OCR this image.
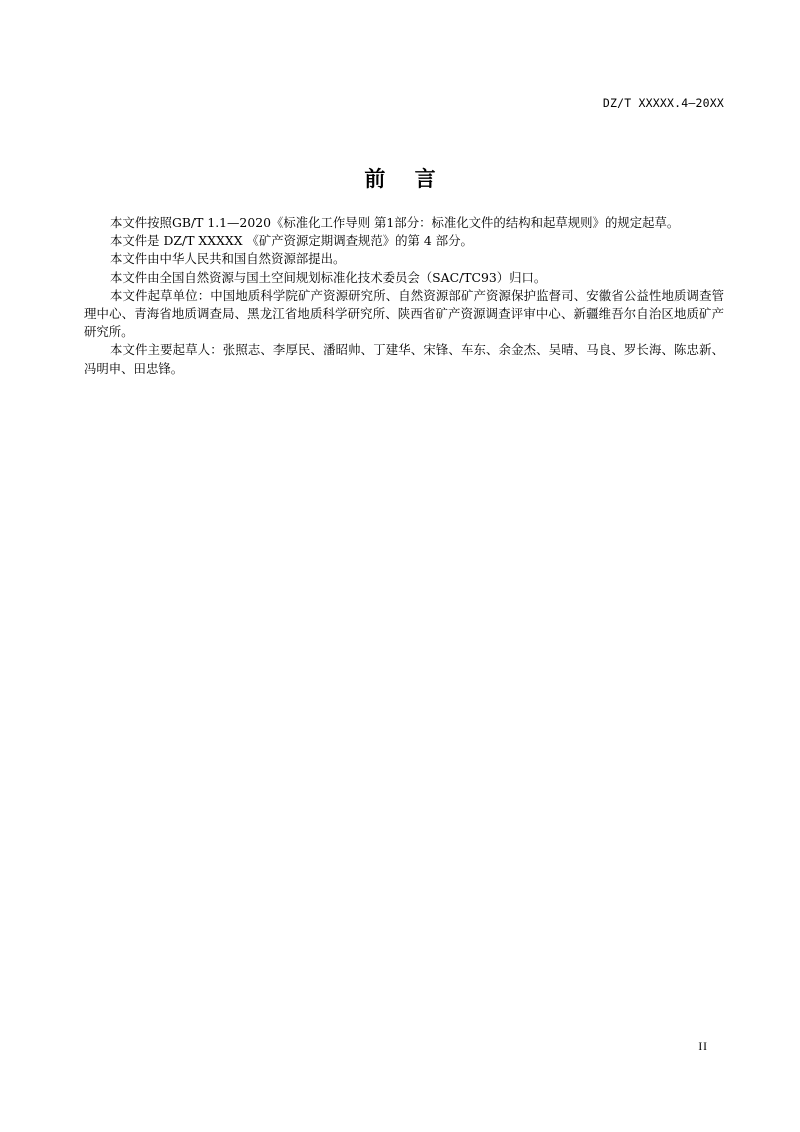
DZ/T XXXXX.4—20XX
前    言

本文件按照GB/T 1.1—2020《标准化工作导则 第1部分：标准化文件的结构和起草规则》的规定起草。

本文件是 DZ/T XXXXX 《矿产资源定期调查规范》的第 4 部分。

本文件由中华人民共和国自然资源部提出。

本文件由全国自然资源与国土空间规划标准化技术委员会（SAC/TC93）归口。

本文件起草单位：中国地质科学院矿产资源研究所、自然资源部矿产资源保护监督司、安徽省公益性地质调查管理中心、青海省地质调查局、黑龙江省地质科学研究所、陕西省矿产资源调查评审中心、新疆维吾尔自治区地质矿产研究所。

本文件主要起草人：张照志、李厚民、潘昭帅、丁建华、宋锋、车东、余金杰、吴晴、马良、罗长海、陈忠新、冯明申、田忠锋。

II
